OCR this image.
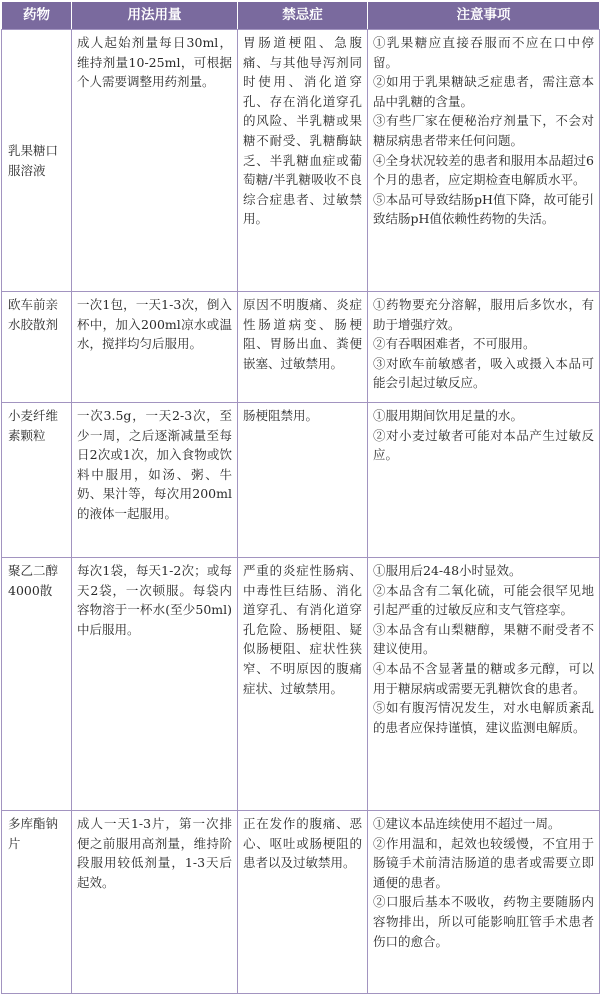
药物	用法用量	禁忌症	注意事项
乳果糖口服溶液	成人起始剂量每日30ml，维持剂量10-25ml，可根据个人需要调整用药剂量。	胃肠道梗阻、急腹痛、与其他导泻剂同时使用、消化道穿孔、存在消化道穿孔的风险、半乳糖或果糖不耐受、乳糖酶缺乏、半乳糖血症或葡萄糖/半乳糖吸收不良综合症患者、过敏禁用。	①乳果糖应直接吞服而不应在口中停留。
②如用于乳果糖缺乏症患者，需注意本品中乳糖的含量。
③有些厂家在便秘治疗剂量下，不会对糖尿病患者带来任何问题。
④全身状况较差的患者和服用本品超过6个月的患者，应定期检查电解质水平。
⑤本品可导致结肠pH值下降，故可能引致结肠pH值依赖性药物的失活。

欧车前亲水胶散剂	一次1包，一天1-3次，倒入杯中，加入200ml凉水或温水，搅拌均匀后服用。	原因不明腹痛、炎症性肠道病变、肠梗阻、胃肠出血、粪便嵌塞、过敏禁用。	①药物要充分溶解，服用后多饮水，有助于增强疗效。
②有吞咽困难者，不可服用。
③对欧车前敏感者，吸入或摄入本品可能会引起过敏反应。

小麦纤维素颗粒	一次3.5g，一天2-3次，至少一周，之后逐渐减量至每日2次或1次，加入食物或饮料中服用，如汤、粥、牛奶、果汁等，每次用200ml的液体一起服用。	肠梗阻禁用。	①服用期间饮用足量的水。
②对小麦过敏者可能对本品产生过敏反应。

聚乙二醇4000散	每次1袋，每天1-2次；或每天2袋，一次顿服。每袋内容物溶于一杯水(至少50ml)中后服用。	严重的炎症性肠病、中毒性巨结肠、消化道穿孔、有消化道穿孔危险、肠梗阻、疑似肠梗阻、症状性狭窄、不明原因的腹痛症状、过敏禁用。	①服用后24-48小时显效。
②本品含有二氧化硫，可能会很罕见地引起严重的过敏反应和支气管痉挛。
③本品含有山梨糖醇，果糖不耐受者不建议使用。
④本品不含显著量的糖或多元醇，可以用于糖尿病或需要无乳糖饮食的患者。
⑤如有腹泻情况发生，对水电解质紊乱的患者应保持谨慎，建议监测电解质。

多库酯钠片	成人一天1-3片，第一次排便之前服用高剂量，维持阶段服用较低剂量，1-3天后起效。	正在发作的腹痛、恶心、呕吐或肠梗阻的患者以及过敏禁用。	①建议本品连续使用不超过一周。
②作用温和，起效也较缓慢，不宜用于肠镜手术前清洁肠道的患者或需要立即通便的患者。
②口服后基本不吸收，药物主要随肠内容物排出，所以可能影响肛管手术患者伤口的愈合。
